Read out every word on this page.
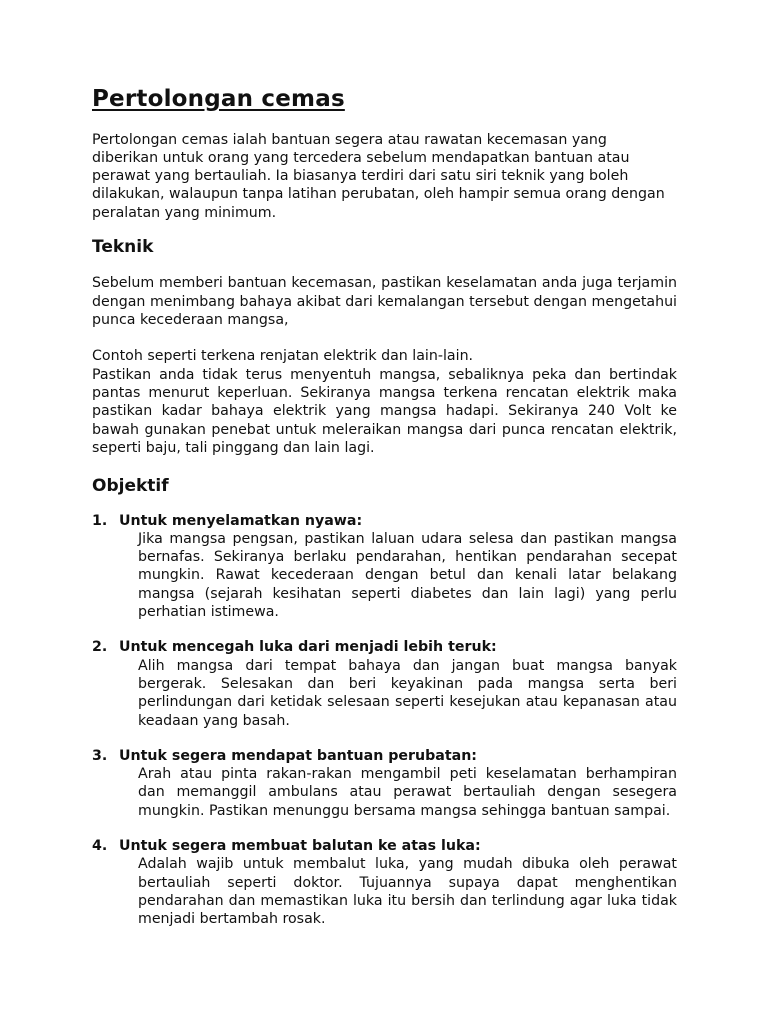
Pertolongan cemas

Pertolongan cemas ialah bantuan segera atau rawatan kecemasan yang diberikan untuk orang yang tercedera sebelum mendapatkan bantuan atau perawat yang bertauliah. Ia biasanya terdiri dari satu siri teknik yang boleh dilakukan, walaupun tanpa latihan perubatan, oleh hampir semua orang dengan peralatan yang minimum.

Teknik

Sebelum memberi bantuan kecemasan, pastikan keselamatan anda juga terjamin dengan menimbang bahaya akibat dari kemalangan tersebut dengan mengetahui punca kecederaan mangsa,

Contoh seperti terkena renjatan elektrik dan lain-lain.

Pastikan anda tidak terus menyentuh mangsa, sebaliknya peka dan bertindak pantas menurut keperluan. Sekiranya mangsa terkena rencatan elektrik maka pastikan kadar bahaya elektrik yang mangsa hadapi. Sekiranya 240 Volt ke bawah gunakan penebat untuk meleraikan mangsa dari punca rencatan elektrik, seperti baju, tali pinggang dan lain lagi.

Objektif
1. Untuk menyelamatkan nyawa:
Jika mangsa pengsan, pastikan laluan udara selesa dan pastikan mangsa bernafas. Sekiranya berlaku pendarahan, hentikan pendarahan secepat mungkin. Rawat kecederaan dengan betul dan kenali latar belakang mangsa (sejarah kesihatan seperti diabetes dan lain lagi) yang perlu perhatian istimewa.
2. Untuk mencegah luka dari menjadi lebih teruk:
Alih mangsa dari tempat bahaya dan jangan buat mangsa banyak bergerak. Selesakan dan beri keyakinan pada mangsa serta beri perlindungan dari ketidak selesaan seperti kesejukan atau kepanasan atau keadaan yang basah.
3. Untuk segera mendapat bantuan perubatan:
Arah atau pinta rakan-rakan mengambil peti keselamatan berhampiran dan memanggil ambulans atau perawat bertauliah dengan sesegera mungkin. Pastikan menunggu bersama mangsa sehingga bantuan sampai.
4. Untuk segera membuat balutan ke atas luka:
Adalah wajib untuk membalut luka, yang mudah dibuka oleh perawat bertauliah seperti doktor. Tujuannya supaya dapat menghentikan pendarahan dan memastikan luka itu bersih dan terlindung agar luka tidak menjadi bertambah rosak.
